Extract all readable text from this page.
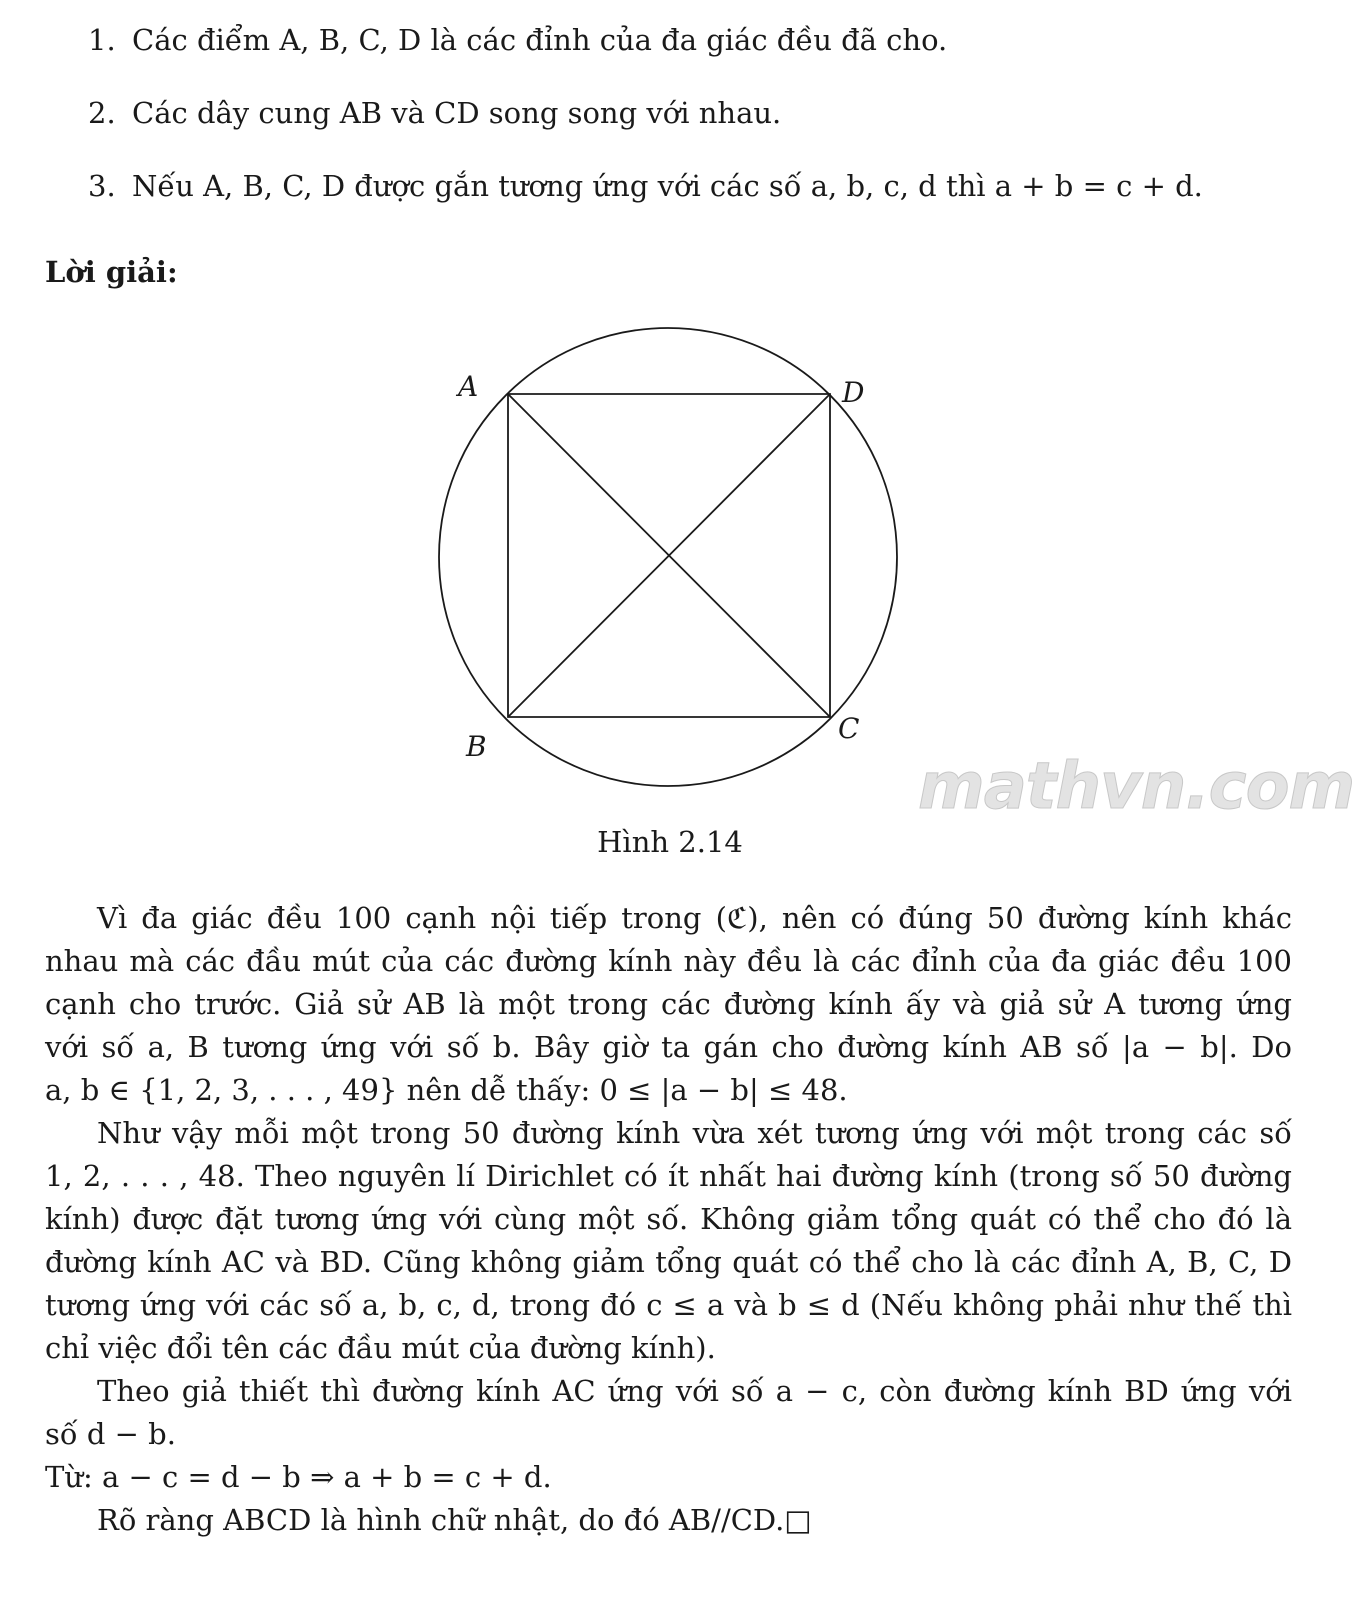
1. Các điểm A, B, C, D là các đỉnh của đa giác đều đã cho.
2. Các dây cung AB và CD song song với nhau.
3. Nếu A, B, C, D được gắn tương ứng với các số a, b, c, d thì a + b = c + d.
Lời giải:
A	D
B
C
mathvn.com
Hình 2.14

Vì đa giác đều 100 cạnh nội tiếp trong (ℭ), nên có đúng 50 đường kính khác
nhau mà các đầu mút của các đường kính này đều là các đỉnh của đa giác đều 100
cạnh cho trước. Giả sử AB là một trong các đường kính ấy và giả sử A tương ứng
với số a, B tương ứng với số b. Bây giờ ta gán cho đường kính AB số |a − b|. Do
a, b ∈ {1, 2, 3, . . . , 49} nên dễ thấy: 0 ≤ |a − b| ≤ 48.

Như vậy mỗi một trong 50 đường kính vừa xét tương ứng với một trong các số
1, 2, . . . , 48. Theo nguyên lí Dirichlet có ít nhất hai đường kính (trong số 50 đường
kính) được đặt tương ứng với cùng một số. Không giảm tổng quát có thể cho đó là
đường kính AC và BD. Cũng không giảm tổng quát có thể cho là các đỉnh A, B, C, D
tương ứng với các số a, b, c, d, trong đó c ≤ a và b ≤ d (Nếu không phải như thế thì
chỉ việc đổi tên các đầu mút của đường kính).

Theo giả thiết thì đường kính AC ứng với số a − c, còn đường kính BD ứng với
số d − b.

Từ: a − c = d − b ⇒ a + b = c + d.

Rõ ràng ABCD là hình chữ nhật, do đó AB//CD.□
